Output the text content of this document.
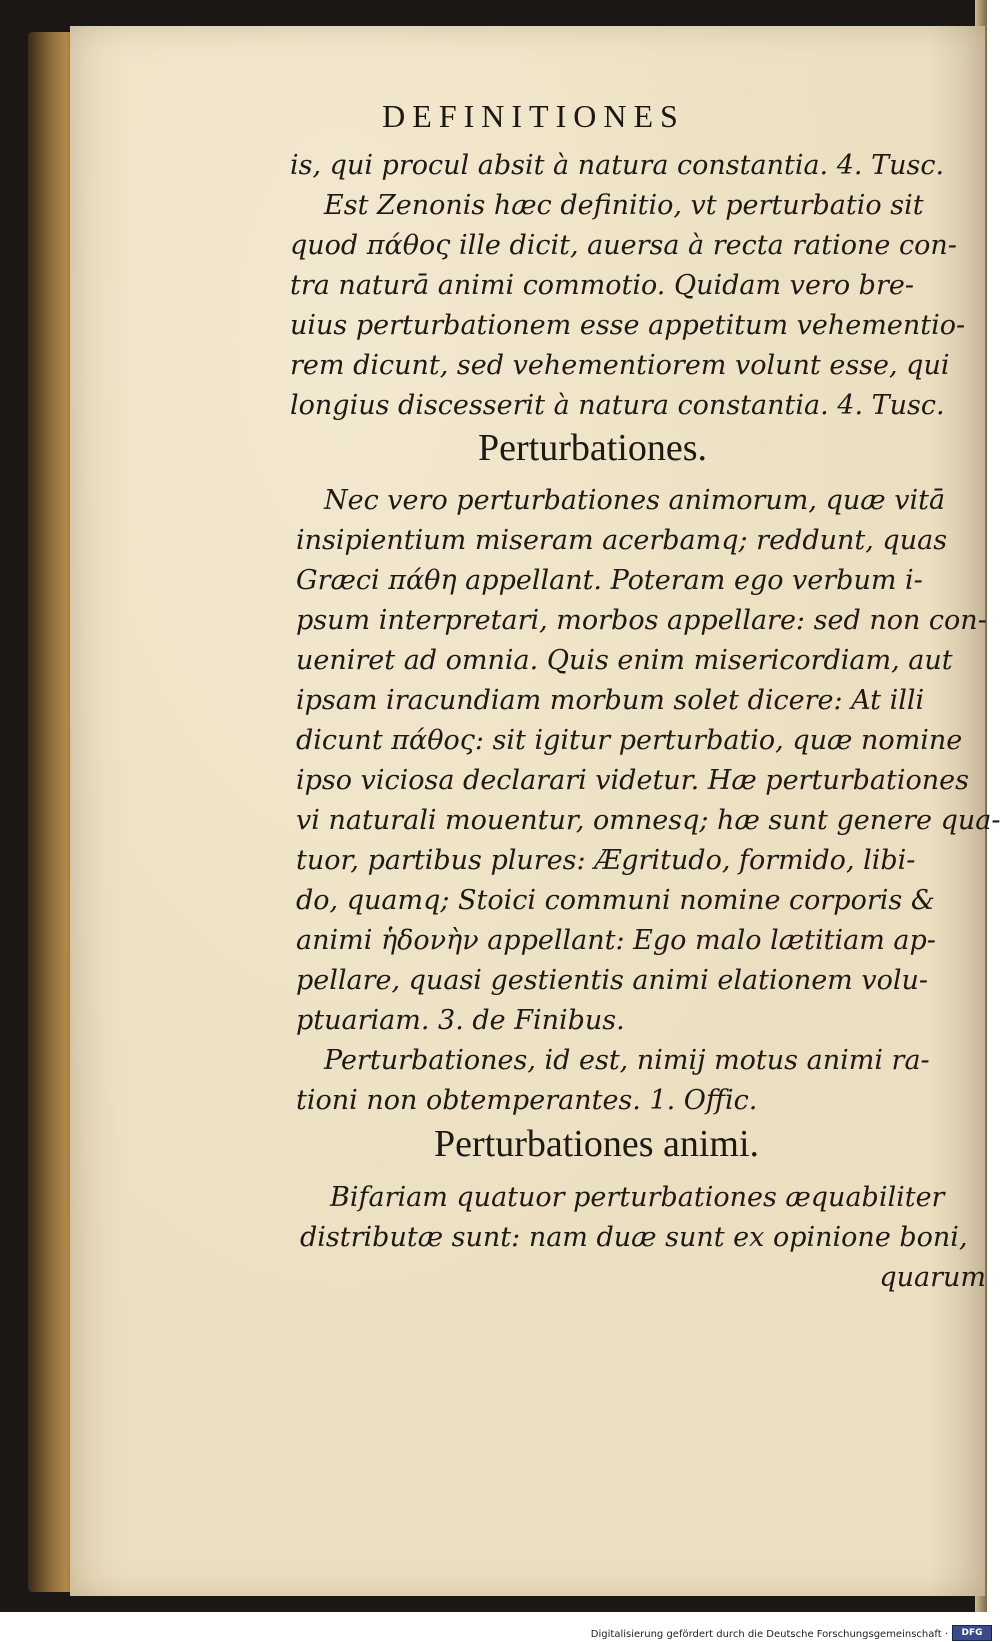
DEFINITIONES
is, qui procul absit à natura constantia. 4. Tusc.
Est Zenonis hæc definitio, vt perturbatio sit
quod πάθος ille dicit, auersa à recta ratione con-
tra naturā animi commotio. Quidam vero bre-
uius perturbationem esse appetitum vehementio-
rem dicunt, sed vehementiorem volunt esse, qui
longius discesserit à natura constantia. 4. Tusc.
Perturbationes.
Nec vero perturbationes animorum, quæ vitā
insipientium miseram acerbamq; reddunt, quas
Græci πάθη appellant. Poteram ego verbum i-
psum interpretari, morbos appellare: sed non con-
ueniret ad omnia. Quis enim misericordiam, aut
ipsam iracundiam morbum solet dicere: At illi
dicunt πάθος: sit igitur perturbatio, quæ nomine
ipso viciosa declarari videtur. Hæ perturbationes
vi naturali mouentur, omnesq; hæ sunt genere qua-
tuor, partibus plures: Ægritudo, formido, libi-
do, quamq; Stoici communi nomine corporis &
animi ἡδονὴν appellant: Ego malo lætitiam ap-
pellare, quasi gestientis animi elationem volu-
ptuariam. 3. de Finibus.
Perturbationes, id est, nimij motus animi ra-
tioni non obtemperantes. 1. Offic.
Perturbationes animi.
Bifariam quatuor perturbationes æquabiliter
distributæ sunt: nam duæ sunt ex opinione boni,
quarum
Digitalisierung gefördert durch die Deutsche Forschungsgemeinschaft ·	DFG
